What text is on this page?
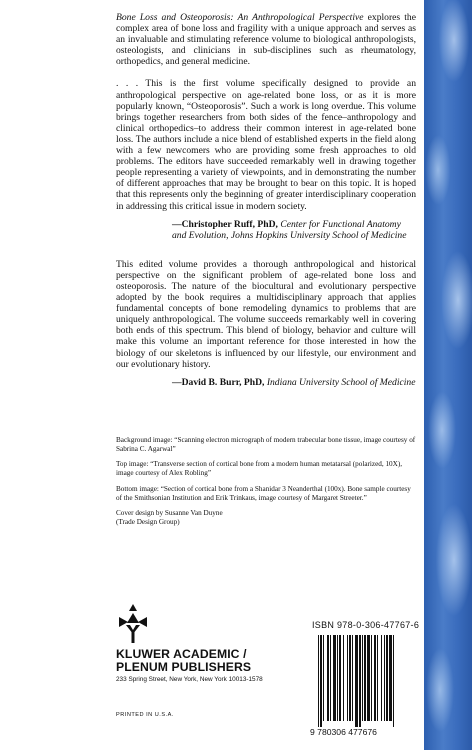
Bone Loss and Osteoporosis: An Anthropological Perspective explores the complex area of bone loss and fragility with a unique approach and serves as an invaluable and stimulating reference volume to biological anthropologists, osteologists, and clinicians in sub-disciplines such as rheumatology, orthopedics, and general medicine.

. . . This is the first volume specifically designed to provide an anthropological perspective on age-related bone loss, or as it is more popularly known, “Osteoporosis”. Such a work is long overdue. This volume brings together researchers from both sides of the fence–anthropology and clinical orthopedics–to address their common interest in age-related bone loss. The authors include a nice blend of established experts in the field along with a few newcomers who are providing some fresh approaches to old problems. The editors have succeeded remarkably well in drawing together people representing a variety of viewpoints, and in demonstrating the number of different approaches that may be brought to bear on this topic. It is hoped that this represents only the beginning of greater interdisciplinary cooperation in addressing this critical issue in modern society.

—Christopher Ruff, PhD, Center for Functional Anatomy and Evolution, Johns Hopkins University School of Medicine

This edited volume provides a thorough anthropological and historical perspective on the significant problem of age-related bone loss and osteoporosis. The nature of the biocultural and evolutionary perspective adopted by the book requires a multidisciplinary approach that applies fundamental concepts of bone remodeling dynamics to problems that are uniquely anthropological. The volume succeeds remarkably well in covering both ends of this spectrum. This blend of biology, behavior and culture will make this volume an important reference for those interested in how the biology of our skeletons is influenced by our lifestyle, our environment and our evolutionary history.

—David B. Burr, PhD, Indiana University School of Medicine

Background image: “Scanning electron micrograph of modern trabecular bone tissue, image courtesy of Sabrina C. Agarwal”

Top image: “Transverse section of cortical bone from a modern human metatarsal (polarized, 10X), image courtesy of Alex Robling”

Bottom image: “Section of cortical bone from a Shanidar 3 Neanderthal (100x). Bone sample courtesy of the Smithsonian Institution and Erik Trinkaus, image courtesy of Margaret Streeter.”

Cover design by Susanne Van Duyne

(Trade Design Group)

KLUWER ACADEMIC /
PLENUM PUBLISHERS
233 Spring Street, New York, New York 10013-1578
PRINTED IN U.S.A.
ISBN 978-0-306-47767-6
9 780306 477676
